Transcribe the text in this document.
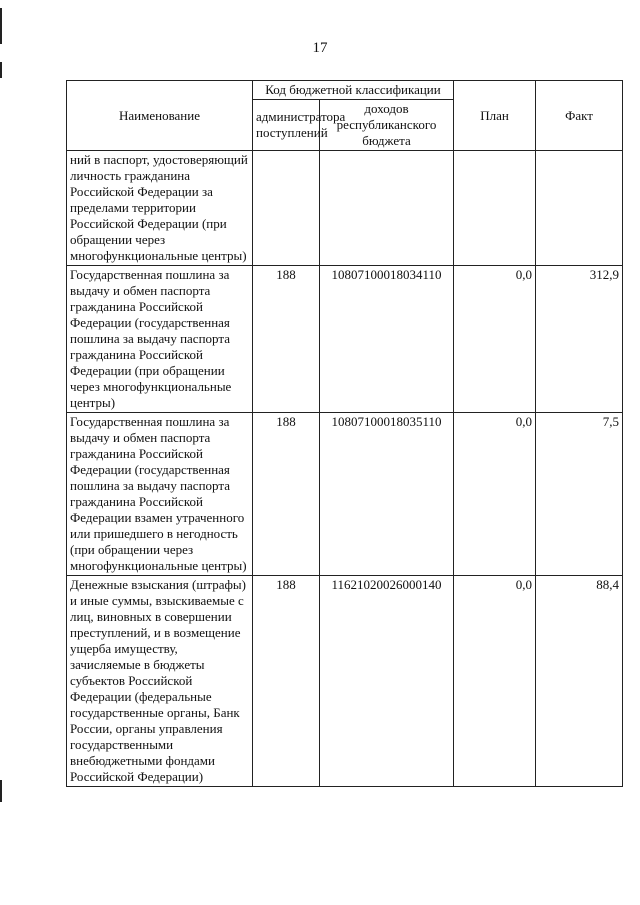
17
Наименование	Код бюджетной классификации		План	Факт
	администратора поступлений	доходов республиканского бюджета		
ний в паспорт, удостоверяющий личность гражданина Российской Федерации за пределами территории Российской Федерации (при обращении через многофункциональные центры)				
Государственная пошлина за выдачу и обмен паспорта гражданина Российской Федерации (государственная пошлина за выдачу паспорта гражданина Российской Федерации (при обращении через многофункциональные центры)	188	10807100018034110	0,0	312,9
Государственная пошлина за выдачу и обмен паспорта гражданина Российской Федерации (государственная пошлина за выдачу паспорта гражданина Российской Федерации взамен утраченного или пришедшего в негодность (при обращении через многофункциональные центры)	188	10807100018035110	0,0	7,5
Денежные взыскания (штрафы) и иные суммы, взыскиваемые с лиц, виновных в совершении преступлений, и в возмещение ущерба имуществу, зачисляемые в бюджеты субъектов Российской Федерации (федеральные государственные органы, Банк России, органы управления государственными внебюджетными фондами Российской Федерации)	188	11621020026000140	0,0	88,4
